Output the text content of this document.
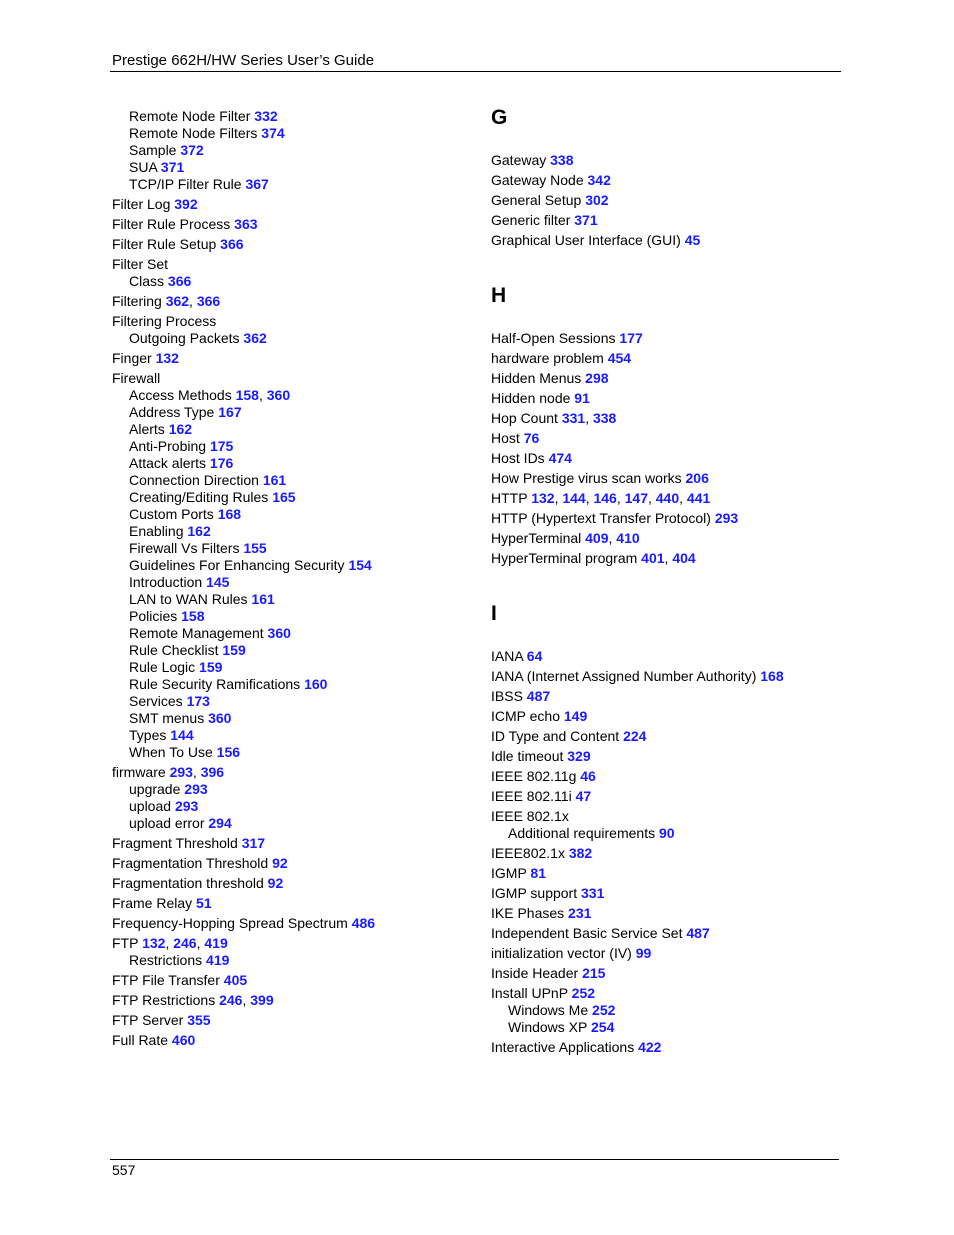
Prestige 662H/HW Series User’s Guide
Remote Node Filter 332
Remote Node Filters 374
Sample 372
SUA 371
TCP/IP Filter Rule 367
Filter Log 392
Filter Rule Process 363
Filter Rule Setup 366
Filter Set
Class 366
Filtering 362, 366
Filtering Process
Outgoing Packets 362
Finger 132
Firewall
Access Methods 158, 360
Address Type 167
Alerts 162
Anti-Probing 175
Attack alerts 176
Connection Direction 161
Creating/Editing Rules 165
Custom Ports 168
Enabling 162
Firewall Vs Filters 155
Guidelines For Enhancing Security 154
Introduction 145
LAN to WAN Rules 161
Policies 158
Remote Management 360
Rule Checklist 159
Rule Logic 159
Rule Security Ramifications 160
Services 173
SMT menus 360
Types 144
When To Use 156
firmware 293, 396
upgrade 293
upload 293
upload error 294
Fragment Threshold 317
Fragmentation Threshold 92
Fragmentation threshold 92
Frame Relay 51
Frequency-Hopping Spread Spectrum 486
FTP 132, 246, 419
Restrictions 419
FTP File Transfer 405
FTP Restrictions 246, 399
FTP Server 355
Full Rate 460
G
Gateway 338
Gateway Node 342
General Setup 302
Generic filter 371
Graphical User Interface (GUI) 45
H
Half-Open Sessions 177
hardware problem 454
Hidden Menus 298
Hidden node 91
Hop Count 331, 338
Host 76
Host IDs 474
How Prestige virus scan works 206
HTTP 132, 144, 146, 147, 440, 441
HTTP (Hypertext Transfer Protocol) 293
HyperTerminal 409, 410
HyperTerminal program 401, 404
I
IANA 64
IANA (Internet Assigned Number Authority) 168
IBSS 487
ICMP echo 149
ID Type and Content 224
Idle timeout 329
IEEE 802.11g 46
IEEE 802.11i 47
IEEE 802.1x
Additional requirements 90
IEEE802.1x 382
IGMP 81
IGMP support 331
IKE Phases 231
Independent Basic Service Set 487
initialization vector (IV) 99
Inside Header 215
Install UPnP 252
Windows Me 252
Windows XP 254
Interactive Applications 422
557
